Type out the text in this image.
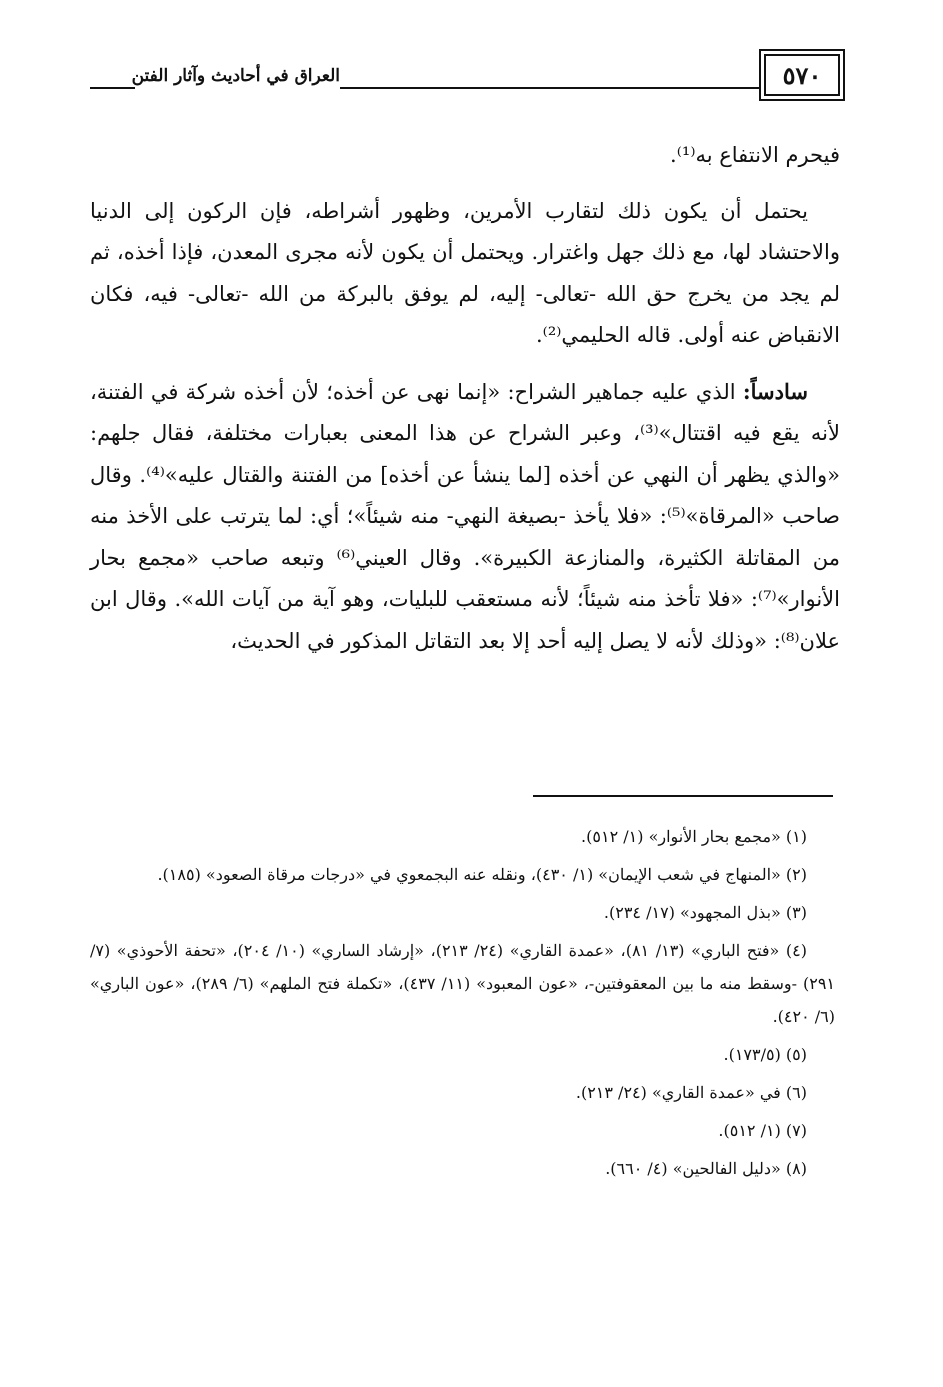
العراق في أحاديث وآثار الفتن	٥٧٠

فيحرم الانتفاع به⁽¹⁾.

يحتمل أن يكون ذلك لتقارب الأمرين، وظهور أشراطه، فإن الركون إلى الدنيا والاحتشاد لها، مع ذلك جهل واغترار. ويحتمل أن يكون لأنه مجرى المعدن، فإذا أخذه، ثم لم يجد من يخرج حق الله -تعالى- إليه، لم يوفق بالبركة من الله -تعالى- فيه، فكان الانقباض عنه أولى. قاله الحليمي⁽²⁾.

سادساً: الذي عليه جماهير الشراح: «إنما نهى عن أخذه؛ لأن أخذه شركة في الفتنة، لأنه يقع فيه اقتتال»⁽³⁾، وعبر الشراح عن هذا المعنى بعبارات مختلفة، فقال جلهم: «والذي يظهر أن النهي عن أخذه [لما ينشأ عن أخذه] من الفتنة والقتال عليه»⁽⁴⁾. وقال صاحب «المرقاة»⁽⁵⁾: «فلا يأخذ -بصيغة النهي- منه شيئاً»؛ أي: لما يترتب على الأخذ منه من المقاتلة الكثيرة، والمنازعة الكبيرة». وقال العيني⁽⁶⁾ وتبعه صاحب «مجمع بحار الأنوار»⁽⁷⁾: «فلا تأخذ منه شيئاً؛ لأنه مستعقب للبليات، وهو آية من آيات الله». وقال ابن علان⁽⁸⁾: «وذلك لأنه لا يصل إليه أحد إلا بعد التقاتل المذكور في الحديث،

(١) «مجمع بحار الأنوار» (١/ ٥١٢).

(٢) «المنهاج في شعب الإيمان» (١/ ٤٣٠)، ونقله عنه البجمعوي في «درجات مرقاة الصعود» (١٨٥).

(٣) «بذل المجهود» (١٧/ ٢٣٤).

(٤) «فتح الباري» (١٣/ ٨١)، «عمدة القاري» (٢٤/ ٢١٣)، «إرشاد الساري» (١٠/ ٢٠٤)، «تحفة الأحوذي» (٧/ ٢٩١) -وسقط منه ما بين المعقوفتين-، «عون المعبود» (١١/ ٤٣٧)، «تكملة فتح الملهم» (٦/ ٢٨٩)، «عون الباري» (٦/ ٤٢٠).

(٥) (١٧٣/٥).

(٦) في «عمدة القاري» (٢٤/ ٢١٣).

(٧) (١/ ٥١٢).

(٨) «دليل الفالحين» (٤/ ٦٦٠).
